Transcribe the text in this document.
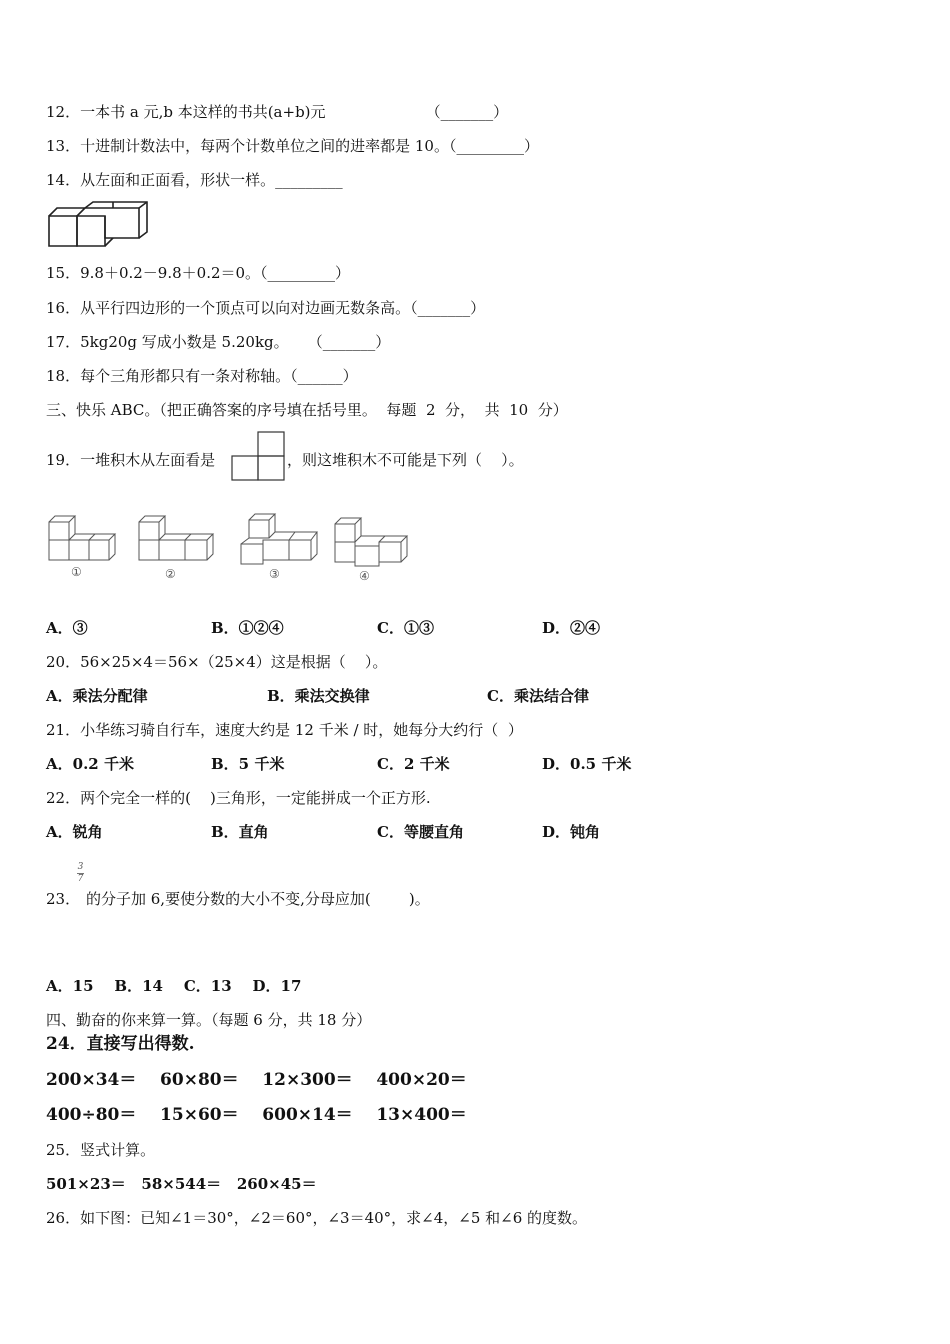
12．一本书 a 元,b 本这样的书共(a+b)元                     （_______）
13．十进制计数法中，每两个计数单位之间的进率都是 10。（_________）
14．从左面和正面看，形状一样。_________
15．9.8＋0.2－9.8＋0.2＝0。（_________）
16．从平行四边形的一个顶点可以向对边画无数条高。（_______）
17．5kg20g 写成小数是 5.20kg。    （_______）
18．每个三角形都只有一条对称轴。（______）
三、快乐 ABC。（把正确答案的序号填在括号里。  每题  2  分，  共  10  分）
19．一堆积木从左面看是	，则这堆积木不可能是下列（    ）。
①	②	③	④
A．③	B．①②④	C．①③	D．②④
20．56×25×4＝56×（25×4）这是根据（    ）。
A．乘法分配律	B．乘法交换律	C．乘法结合律
21．小华练习骑自行车，速度大约是 12 千米 / 时，她每分大约行（  ）
A．0.2 千米	B．5 千米	C．2 千米	D．0.5 千米
22．两个完全一样的(    )三角形，一定能拼成一个正方形.
A．锐角	B．直角	C．等腰直角	D．钝角
23．
3
7
的分子加 6,要使分数的大小不变,分母应加(        )。
A．15    B．14    C．13    D．17
四、勤奋的你来算一算。（每题 6 分，共 18 分）
24．直接写出得数.
200×34＝    60×80＝    12×300＝    400×20＝
400÷80＝    15×60＝    600×14＝    13×400＝
25．竖式计算。
501×23＝   58×544＝   260×45＝
26．如下图：已知∠1＝30°，∠2＝60°，∠3＝40°，求∠4，∠5 和∠6 的度数。
